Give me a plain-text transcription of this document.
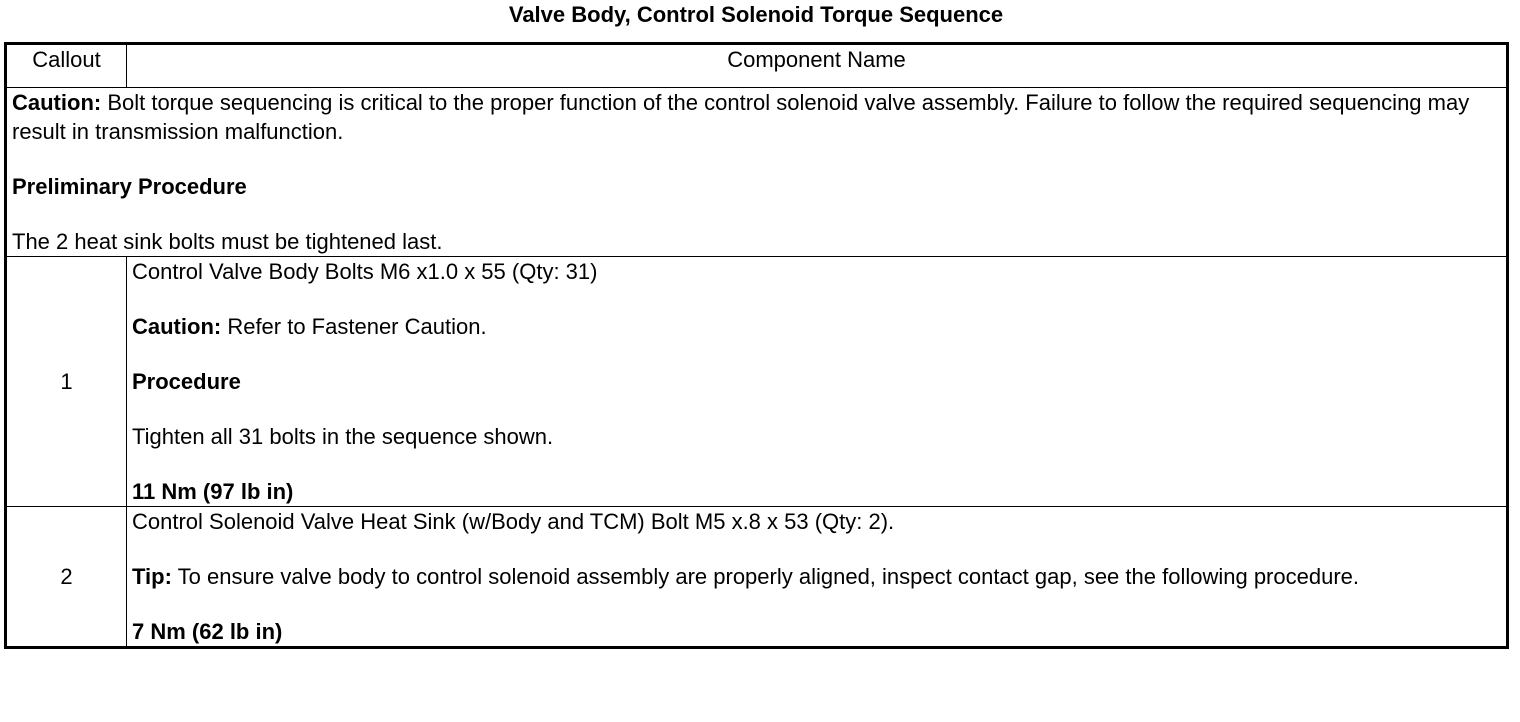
Valve Body, Control Solenoid Torque Sequence
Callout	Component Name

Caution: Bolt torque sequencing is critical to the proper function of the control solenoid valve assembly. Failure to follow the required sequencing may result in transmission malfunction.

Preliminary Procedure

The 2 heat sink bolts must be tightened last.	

1	Control Valve Body Bolts M6 x1.0 x 55 (Qty: 31)

Caution: Refer to Fastener Caution.

Procedure

Tighten all 31 bolts in the sequence shown.

11 Nm (97 lb in)

2	Control Solenoid Valve Heat Sink (w/Body and TCM) Bolt M5 x.8 x 53 (Qty: 2).

Tip: To ensure valve body to control solenoid assembly are properly aligned, inspect contact gap, see the following procedure.

7 Nm (62 lb in)
